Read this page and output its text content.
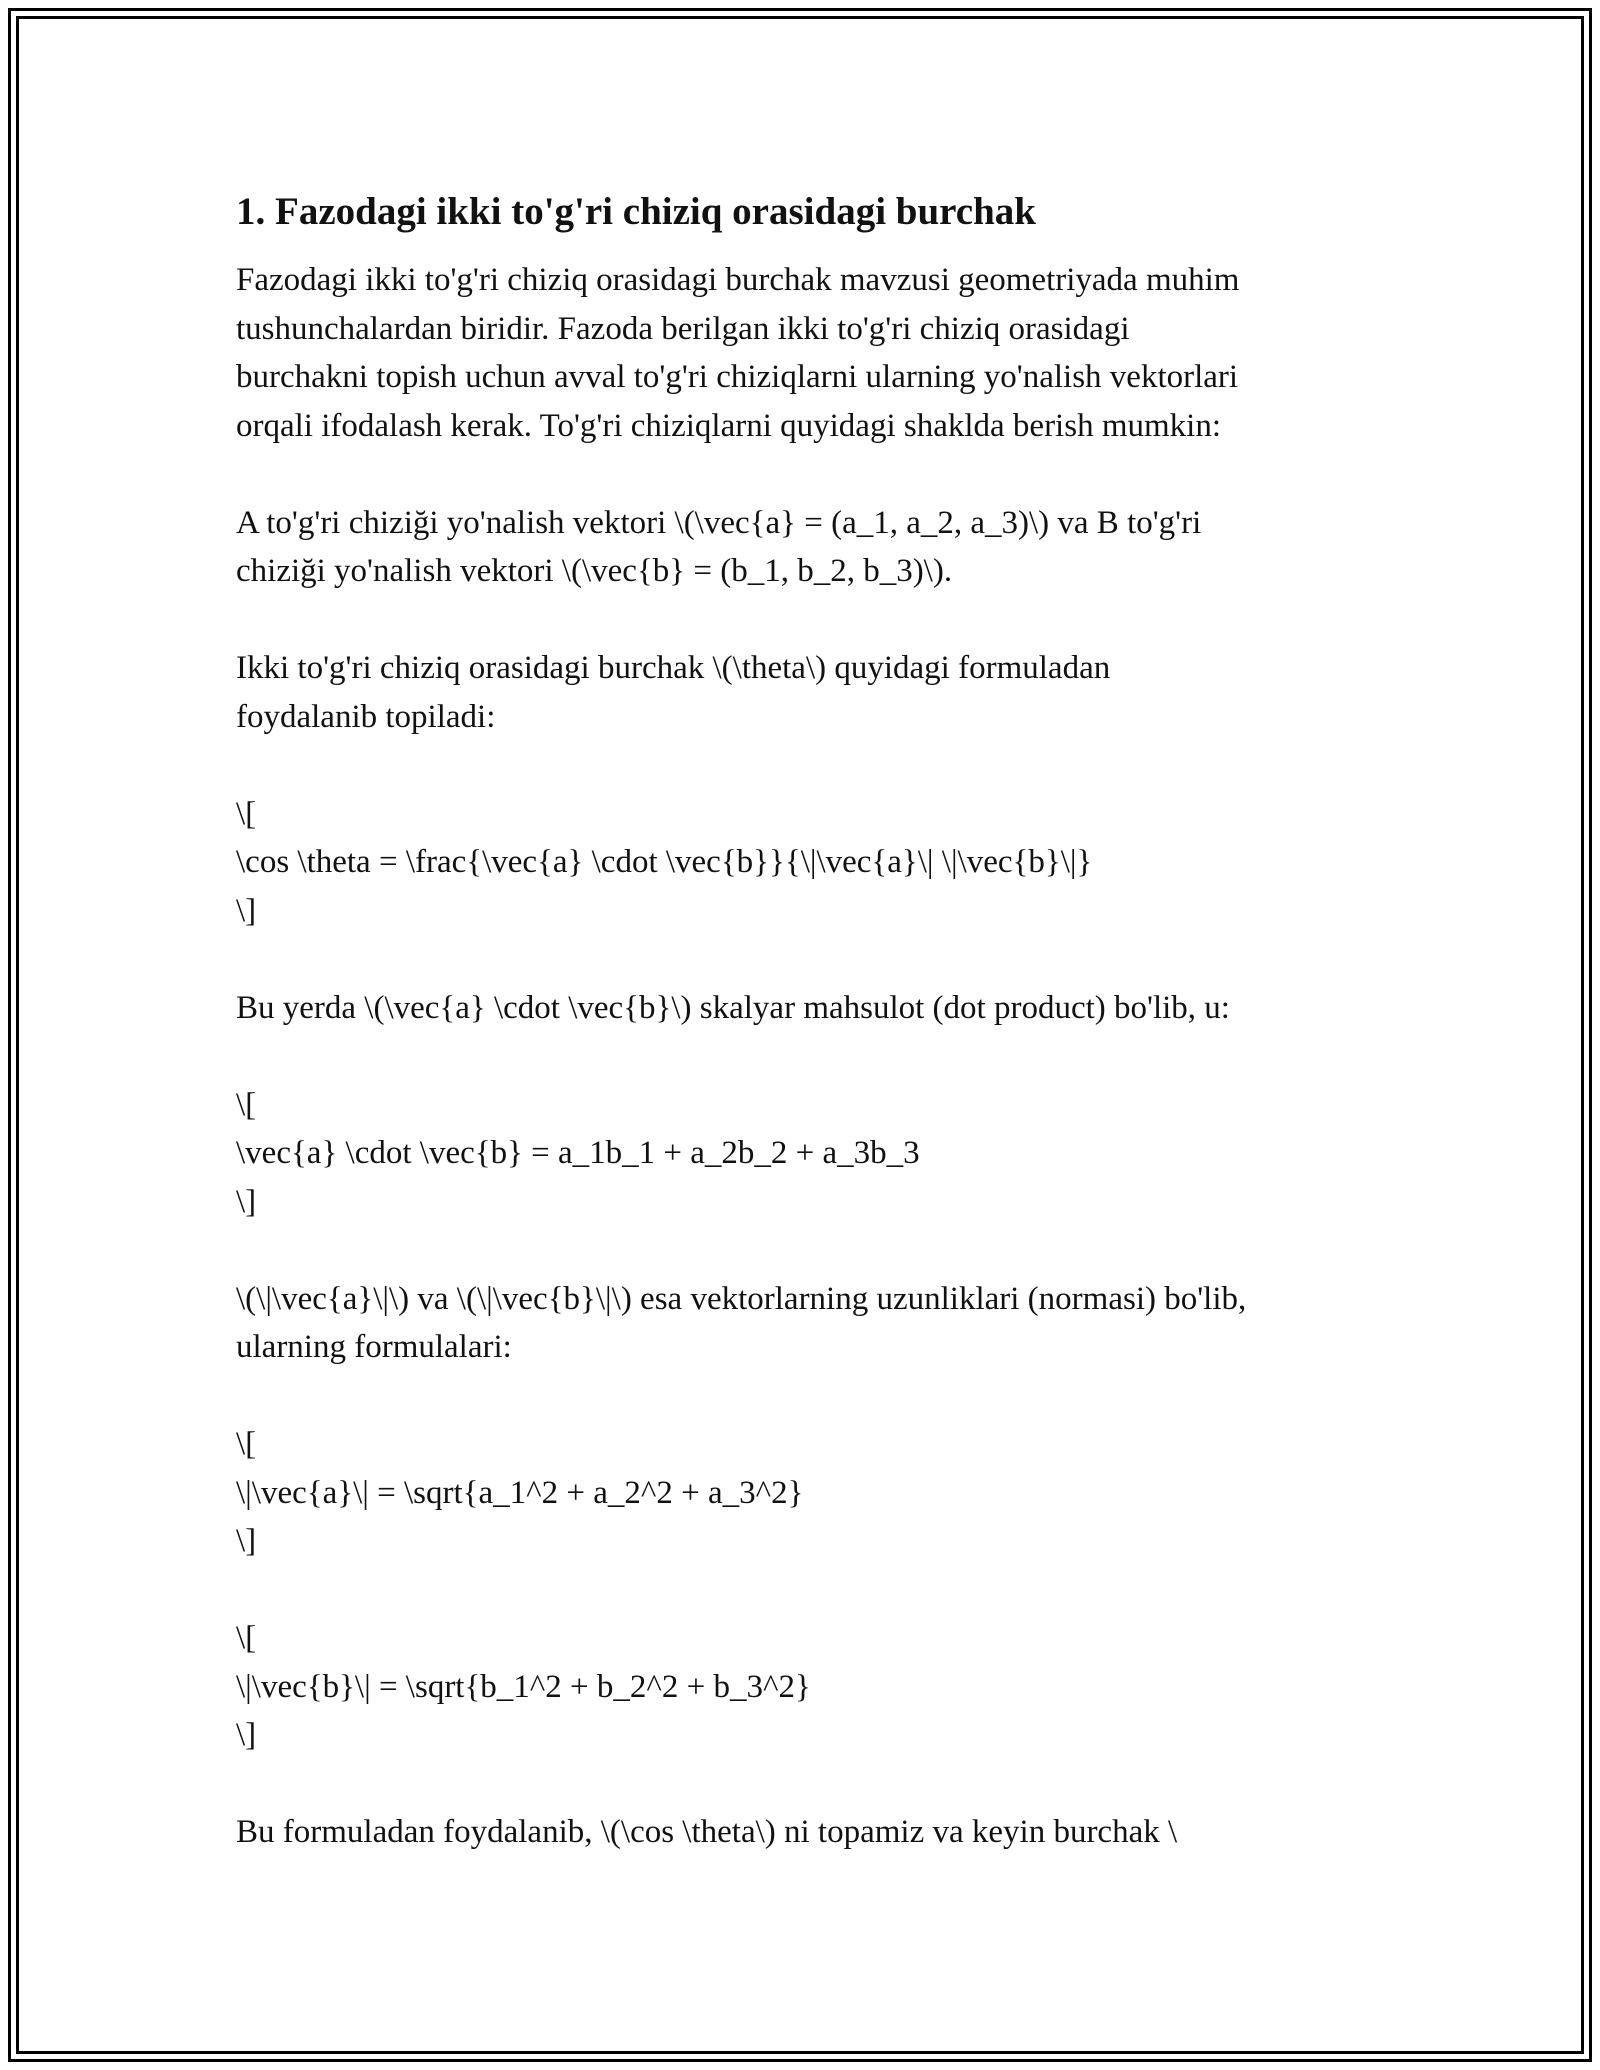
1. Fazodagi ikki to'g'ri chiziq orasidagi burchak
Fazodagi ikki to'g'ri chiziq orasidagi burchak mavzusi geometriyada muhim
tushunchalardan biridir. Fazoda berilgan ikki to'g'ri chiziq orasidagi
burchakni topish uchun avval to'g'ri chiziqlarni ularning yo'nalish vektorlari
orqali ifodalash kerak. To'g'ri chiziqlarni quyidagi shaklda berish mumkin:
A to'g'ri chiziği yo'nalish vektori \(\vec{a} = (a_1, a_2, a_3)\) va B to'g'ri
chiziği yo'nalish vektori \(\vec{b} = (b_1, b_2, b_3)\).
Ikki to'g'ri chiziq orasidagi burchak \(\theta\) quyidagi formuladan
foydalanib topiladi:
\[
\cos \theta = \frac{\vec{a} \cdot \vec{b}}{\|\vec{a}\| \|\vec{b}\|}
\]
Bu yerda \(\vec{a} \cdot \vec{b}\) skalyar mahsulot (dot product) bo'lib, u:
\[
\vec{a} \cdot \vec{b} = a_1b_1 + a_2b_2 + a_3b_3
\]
\(\|\vec{a}\|\) va \(\|\vec{b}\|\) esa vektorlarning uzunliklari (normasi) bo'lib,
ularning formulalari:
\[
\|\vec{a}\| = \sqrt{a_1^2 + a_2^2 + a_3^2}
\]
\[
\|\vec{b}\| = \sqrt{b_1^2 + b_2^2 + b_3^2}
\]
Bu formuladan foydalanib, \(\cos \theta\) ni topamiz va keyin burchak \
